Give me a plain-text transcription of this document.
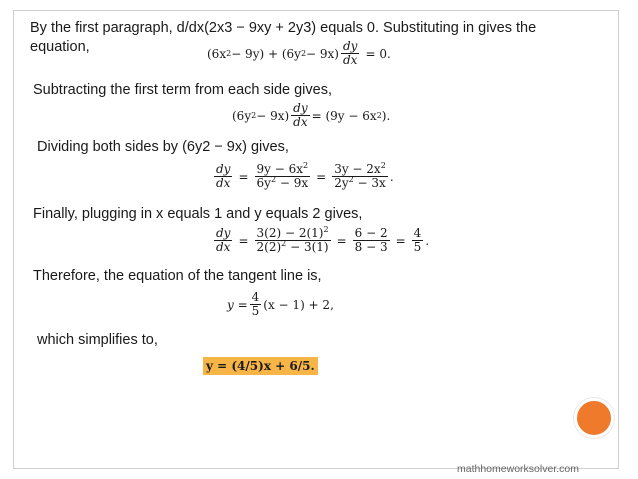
By the first paragraph, d/dx(2x3 − 9xy + 2y3) equals 0. Substituting in gives the
equation,	(6x 2 − 9y) + (6y $2 - 9x) \frac{dy}{dx} = 0$.
Subtracting the first term from each side gives,
(6y $2 - 9x) \frac{dy}{dx} = (9y - 6x$ 2 ).
Dividing both sides by (6y2 − 9x) gives,
$\frac{dy}{dx} = \frac{9y - 6x^2}{6y^2 - 9x} = \frac{3y - 2x^2}{2y^2 - 3x}$ .
Finally, plugging in x equals 1 and y equals 2 gives,
$\frac{dy}{dx} = \frac{3(2) - 2(1)^2}{2(2)^2 - 3(1)} = \frac{6 - 2}{8 - 3} = \frac{4}{5}$ .
Therefore, the equation of the tangent line is,
$y = \frac{4}{5} (x - 1) + 2$,
which simplifies to,
y = (4/5)x + 6/5.
mathhomeworksolver.com
